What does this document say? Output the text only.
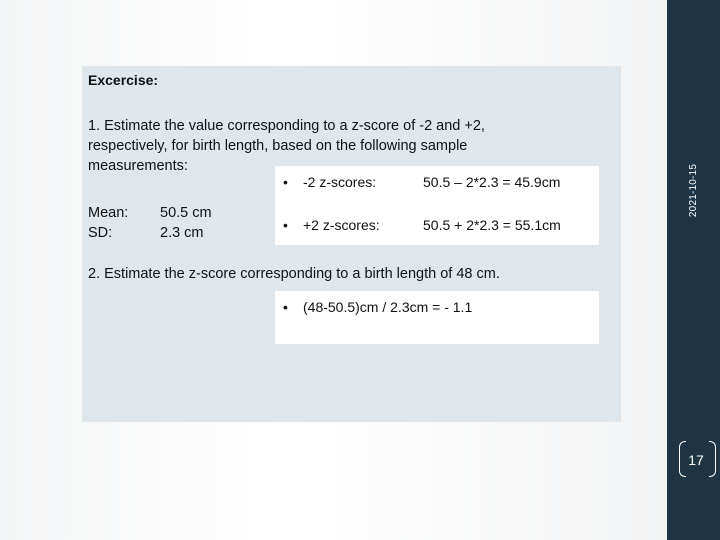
2021-10-15
17
Excercise:
1. Estimate the value corresponding to a z-score of -2 and +2, respectively, for birth length, based on the following sample measurements:
Mean:	50.5 cm
SD:	2.3 cm
•	-2 z-scores:	50.5 – 2*2.3 = 45.9cm
•	+2 z-scores:	50.5 + 2*2.3 = 55.1cm
2. Estimate the z-score corresponding to a birth length of 48 cm.
•	(48-50.5)cm / 2.3cm = - 1.1
